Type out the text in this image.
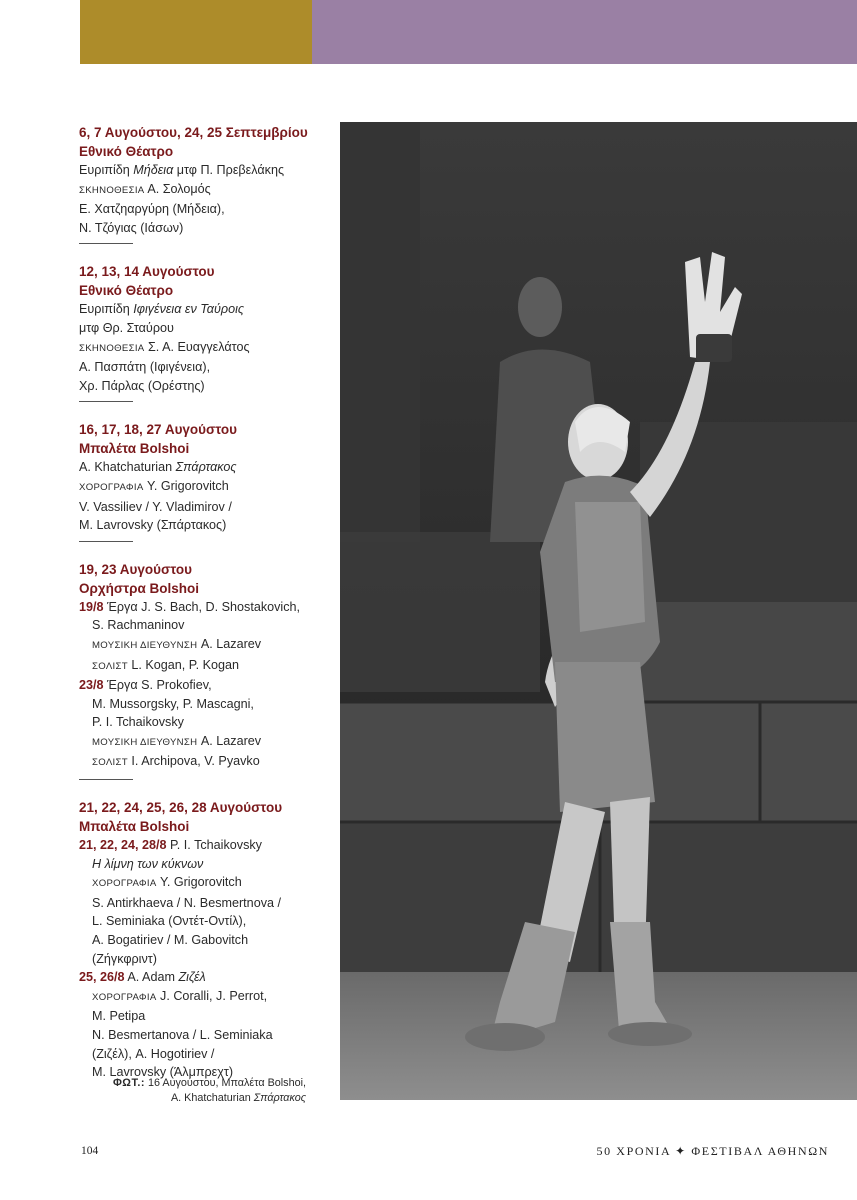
6, 7 Αυγούστου, 24, 25 Σεπτεμβρίου
Εθνικό Θέατρο
Ευριπίδη Μήδεια μτφ Π. Πρεβελάκης
ΣΚΗΝΟΘΕΣΙΑ Α. Σολομός
Ε. Χατζηαργύρη (Μήδεια),
Ν. Τζόγιας (Ιάσων)
12, 13, 14 Αυγούστου
Εθνικό Θέατρο
Ευριπίδη Ιφιγένεια εν Ταύροις
μτφ Θρ. Σταύρου
ΣΚΗΝΟΘΕΣΙΑ Σ. Α. Ευαγγελάτος
Α. Πασπάτη (Ιφιγένεια),
Χρ. Πάρλας (Ορέστης)
16, 17, 18, 27 Αυγούστου
Μπαλέτα Bolshoi
A. Khatchaturian Σπάρτακος
ΧΟΡΟΓΡΑΦΙΑ Y. Grigorovitch
V. Vassiliev / Y. Vladimirov /
M. Lavrovsky (Σπάρτακος)
19, 23 Αυγούστου
Ορχήστρα Bolshoi
19/8 Έργα J. S. Bach, D. Shostakovich,
S. Rachmaninov
ΜΟΥΣΙΚΗ ΔΙΕΥΘΥΝΣΗ A. Lazarev
ΣΟΛΙΣΤ L. Kogan, P. Kogan
23/8 Έργα S. Prokofiev,
M. Mussorgsky, P. Mascagni,
P. I. Tchaikovsky
ΜΟΥΣΙΚΗ ΔΙΕΥΘΥΝΣΗ A. Lazarev
ΣΟΛΙΣΤ I. Archipova, V. Pyavko
21, 22, 24, 25, 26, 28 Αυγούστου
Μπαλέτα Bolshoi
21, 22, 24, 28/8 P. I. Tchaikovsky
Η λίμνη των κύκνων
ΧΟΡΟΓΡΑΦΙΑ Y. Grigorovitch
S. Antirkhaeva / N. Besmertnova /
L. Seminiaka (Οντέτ-Οντίλ),
A. Bogatiriev / M. Gabovitch
(Ζήγκφριντ)
25, 26/8 A. Adam Ζιζέλ
ΧΟΡΟΓΡΑΦΙΑ J. Coralli, J. Perrot,
M. Petipa
N. Besmertanova / L. Seminiaka
(Ζιζέλ), A. Hogotiriev /
M. Lavrovsky (Άλμπρεχτ)
ΦΩΤ.: 16 Αυγούστου, Μπαλέτα Bolshoi,
A. Khatchaturian Σπάρτακος
104	50 ΧΡΟΝΙΑ ✦ ΦΕΣΤΙΒΑΛ ΑΘΗΝΩΝ
